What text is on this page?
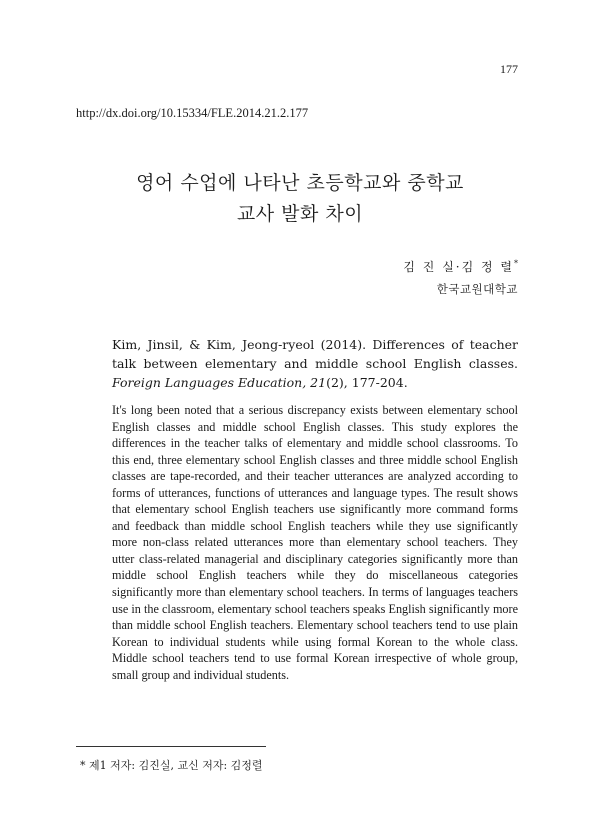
177
http://dx.doi.org/10.15334/FLE.2014.21.2.177
영어 수업에 나타난 초등학교와 중학교
교사 발화 차이
김 진 실·김 정 렬*
한국교원대학교
Kim, Jinsil, & Kim, Jeong-ryeol (2014). Differences of teacher talk between elementary and middle school English classes. Foreign Languages Education, 21(2), 177-204.
It's long been noted that a serious discrepancy exists between elementary school English classes and middle school English classes. This study explores the differences in the teacher talks of elementary and middle school classrooms. To this end, three elementary school English classes and three middle school English classes are tape-recorded, and their teacher utterances are analyzed according to forms of utterances, functions of utterances and language types. The result shows that elementary school English teachers use significantly more command forms and feedback than middle school English teachers while they use significantly more non-class related utterances more than elementary school teachers. They utter class-related managerial and disciplinary categories significantly more than middle school English teachers while they do miscellaneous categories significantly more than elementary school teachers. In terms of languages teachers use in the classroom, elementary school teachers speaks English significantly more than middle school English teachers. Elementary school teachers tend to use plain Korean to individual students while using formal Korean to the whole class. Middle school teachers tend to use formal Korean irrespective of whole group, small group and individual students.
* 제1 저자: 김진실, 교신 저자: 김정렬
